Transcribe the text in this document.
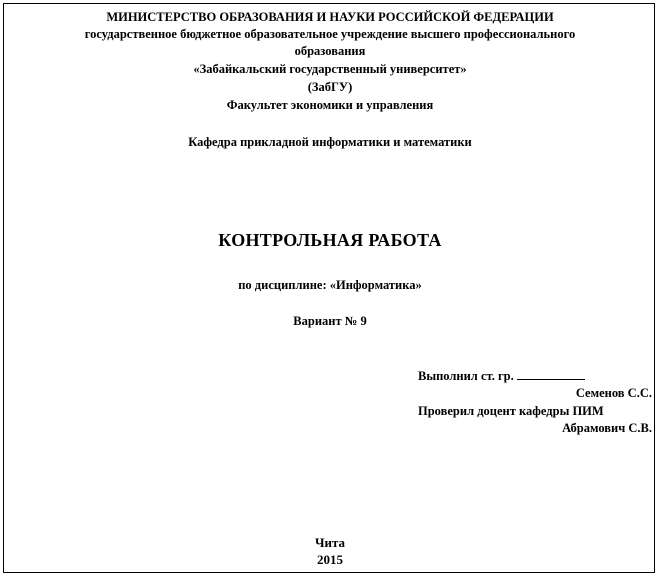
МИНИСТЕРСТВО ОБРАЗОВАНИЯ И НАУКИ РОССИЙСКОЙ ФЕДЕРАЦИИ
государственное бюджетное образовательное учреждение высшего профессионального
образования
«Забайкальский государственный университет»
(ЗабГУ)
Факультет экономики и управления
Кафедра прикладной информатики и математики
КОНТРОЛЬНАЯ РАБОТА
по дисциплине: «Информатика»
Вариант № 9
Выполнил ст. гр.
Семенов С.С.
Проверил доцент кафедры ПИМ
Абрамович С.В.
Чита
2015
